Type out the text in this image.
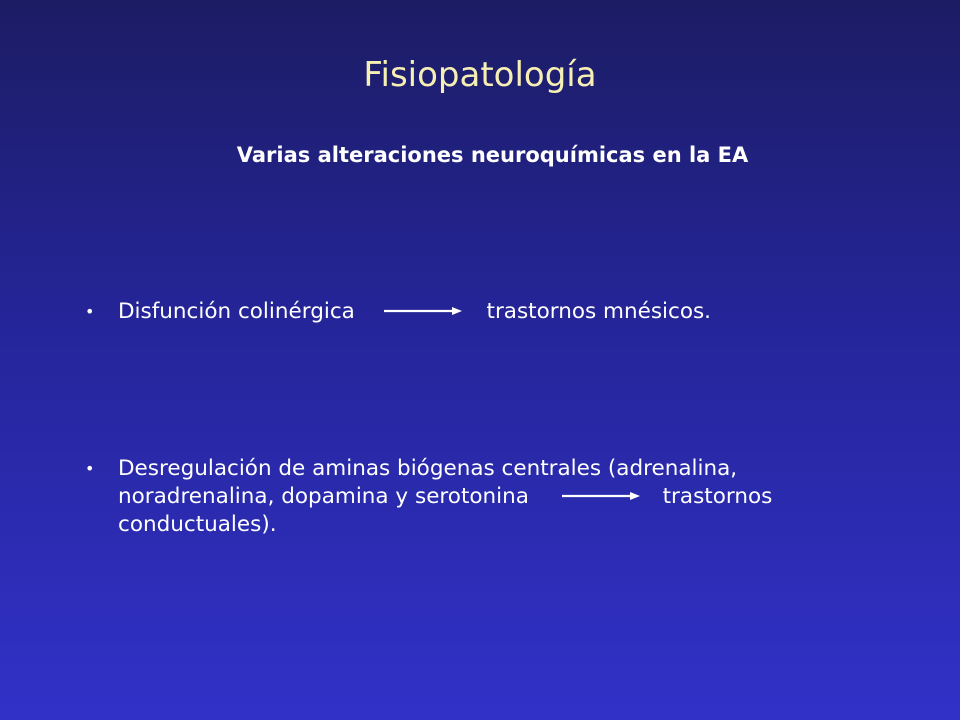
Fisiopatología
Varias alteraciones neuroquímicas en la EA
• Disfunción colinérgica	trastornos mnésicos.
• Desregulación de aminas biógenas centrales (adrenalina,
noradrenalina, dopamina y serotonina	trastornos
conductuales).
